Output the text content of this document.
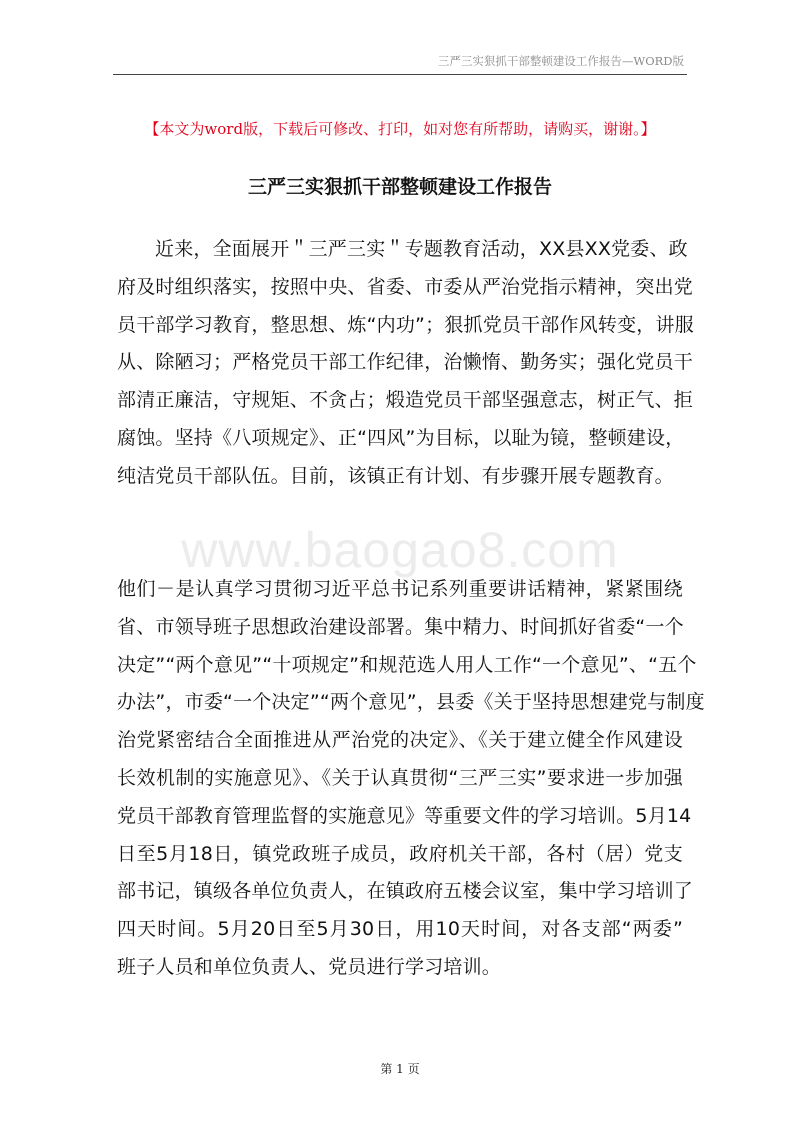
三严三实狠抓干部整顿建设工作报告—WORD版
【本文为word版，下载后可修改、打印，如对您有所帮助，请购买，谢谢。】
三严三实狠抓干部整顿建设工作报告
近来，全面展开＂三严三实＂专题教育活动，XX县XX党委、政
府及时组织落实，按照中央、省委、市委从严治党指示精神，突出党
员干部学习教育，整思想、炼“内功”；狠抓党员干部作风转变，讲服
从、除陋习；严格党员干部工作纪律，治懒惰、勤务实；强化党员干
部清正廉洁，守规矩、不贪占；煅造党员干部坚强意志，树正气、拒
腐蚀。坚持《八项规定》、正“四风”为目标，以耻为镜，整顿建设，
纯洁党员干部队伍。目前，该镇正有计划、有步骤开展专题教育。
www.baogao8.com
他们－是认真学习贯彻习近平总书记系列重要讲话精神，紧紧围绕
省、市领导班子思想政治建设部署。集中精力、时间抓好省委“一个
决定”“两个意见”“十项规定”和规范选人用人工作“一个意见”、“五个
办法”，市委“一个决定”“两个意见”，县委《关于坚持思想建党与制度
治党紧密结合全面推进从严治党的决定》、《关于建立健全作风建设
长效机制的实施意见》、《关于认真贯彻“三严三实”要求进一步加强
党员干部教育管理监督的实施意见》等重要文件的学习培训。5月14
日至5月18日，镇党政班子成员，政府机关干部，各村（居）党支
部书记，镇级各单位负责人，在镇政府五楼会议室，集中学习培训了
四天时间。5月20日至5月30日，用10天时间，对各支部“两委”
班子人员和单位负责人、党员进行学习培训。
第 1 页
